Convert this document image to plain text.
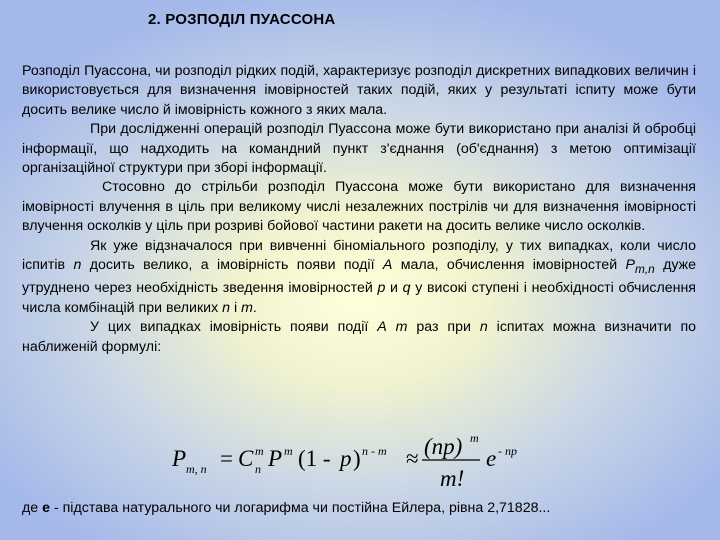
2. РОЗПОДІЛ ПУАССОНА

Розподіл Пуассона, чи розподіл рідких подій, характеризує розподіл дискретних випадкових величин і використовується для визначення імовірностей таких подій, яких у результаті іспиту може бути досить велике число й імовірність кожного з яких мала.

При дослідженні операцій розподіл Пуассона може бути використано при аналізі й обробці інформації, що надходить на командний пункт з'єднання (об'єднання) з метою оптимізації організаційної структури при зборі інформації.

Стосовно до стрільби розподіл Пуассона може бути використано для визначення імовірності влучення в ціль при великому числі незалежних пострілів чи для визначення імовірності влучення осколків у ціль при розриві бойової частини ракети на досить велике число осколків.

Як уже відзначалося при вивченні біноміального розподілу, у тих випадках, коли число іспитів n досить велико, а імовірність появи події A мала, обчислення імовірностей $P_{m,n}$ дуже утруднено через необхідність зведення імовірностей p и q у високі ступені і необхідності обчислення числа комбінацій при великих n і m.

У цих випадках імовірність появи події A m раз при n іспитах можна визначити по наближеній формулі:

P m, n = C m
n P m (1 - p ) n - m ≈ (np) m
m!
e - np
де e - підстава натурального чи логарифма чи постійна Ейлера, рівна 2,71828...
